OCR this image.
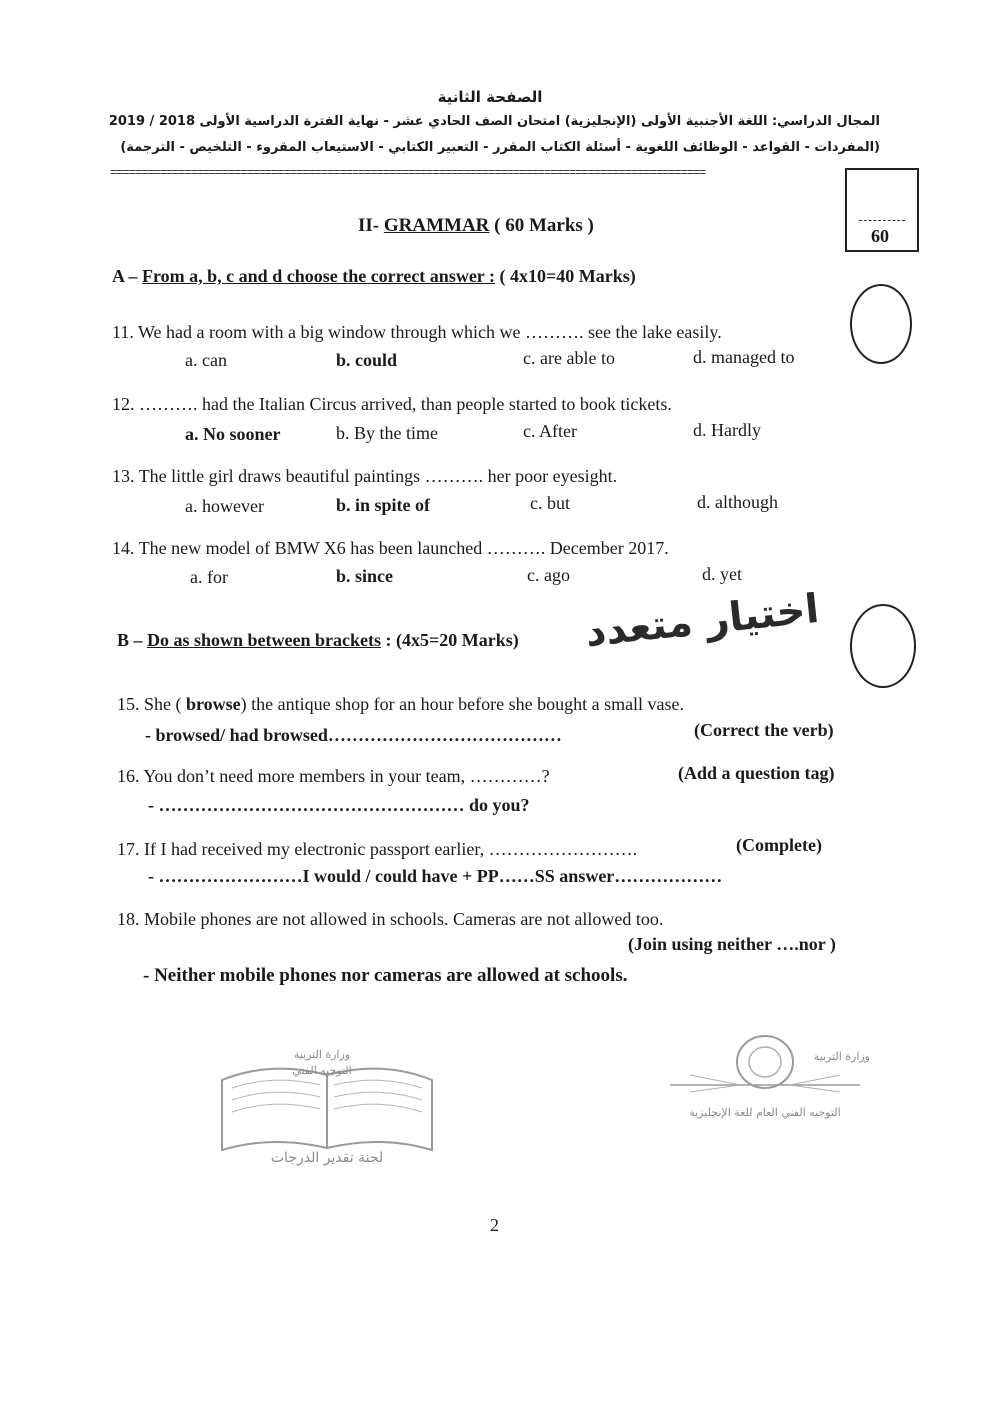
الصفحة الثانية
المجال الدراسي: اللغة الأجنبية الأولى (الإنجليزية) امتحان الصف الحادي عشر - نهاية الفترة الدراسية الأولى 2018 / 2019
(المفردات - القواعد - الوظائف اللغوية - أسئلة الكتاب المقرر - التعبير الكتابي - الاستيعاب المقروء - التلخيص - الترجمة)
================================================================================================
60
II- GRAMMAR ( 60 Marks )
A – From a, b, c and d choose the correct answer : ( 4x10=40 Marks)
11. We had a room with a big window through which we ………. see the lake easily.
a. can	b. could	c. are able to	d. managed to
12. ………. had the Italian Circus arrived, than people started to book tickets.
a. No sooner	b. By the time	c. After	d. Hardly
13. The little girl draws beautiful paintings ………. her poor eyesight.
a. however	b. in spite of	c. but	d. although
14. The new model of BMW X6 has been launched ………. December 2017.
a. for	b. since	c. ago	d. yet
B – Do as shown between brackets : (4x5=20 Marks) اختيار متعدد
15. She ( browse) the antique shop for an hour before she bought a small vase.
- browsed/ had browsed…………………………………	(Correct the verb)
16. You don’t need more members in your team, …………?	(Add a question tag)
- …………………………………………… do you?
17. If I had received my electronic passport earlier, …………………….	(Complete)
- ……………………I would / could have + PP……SS answer………………
18. Mobile phones are not allowed in schools. Cameras are not allowed too.
(Join using neither ….nor )
- Neither mobile phones nor cameras are allowed at schools.
وزارة التربية
التوجيه الفني
لجنة تقدير الدرجات
وزارة التربية
التوجيه الفني العام للغة الإنجليزية
2
